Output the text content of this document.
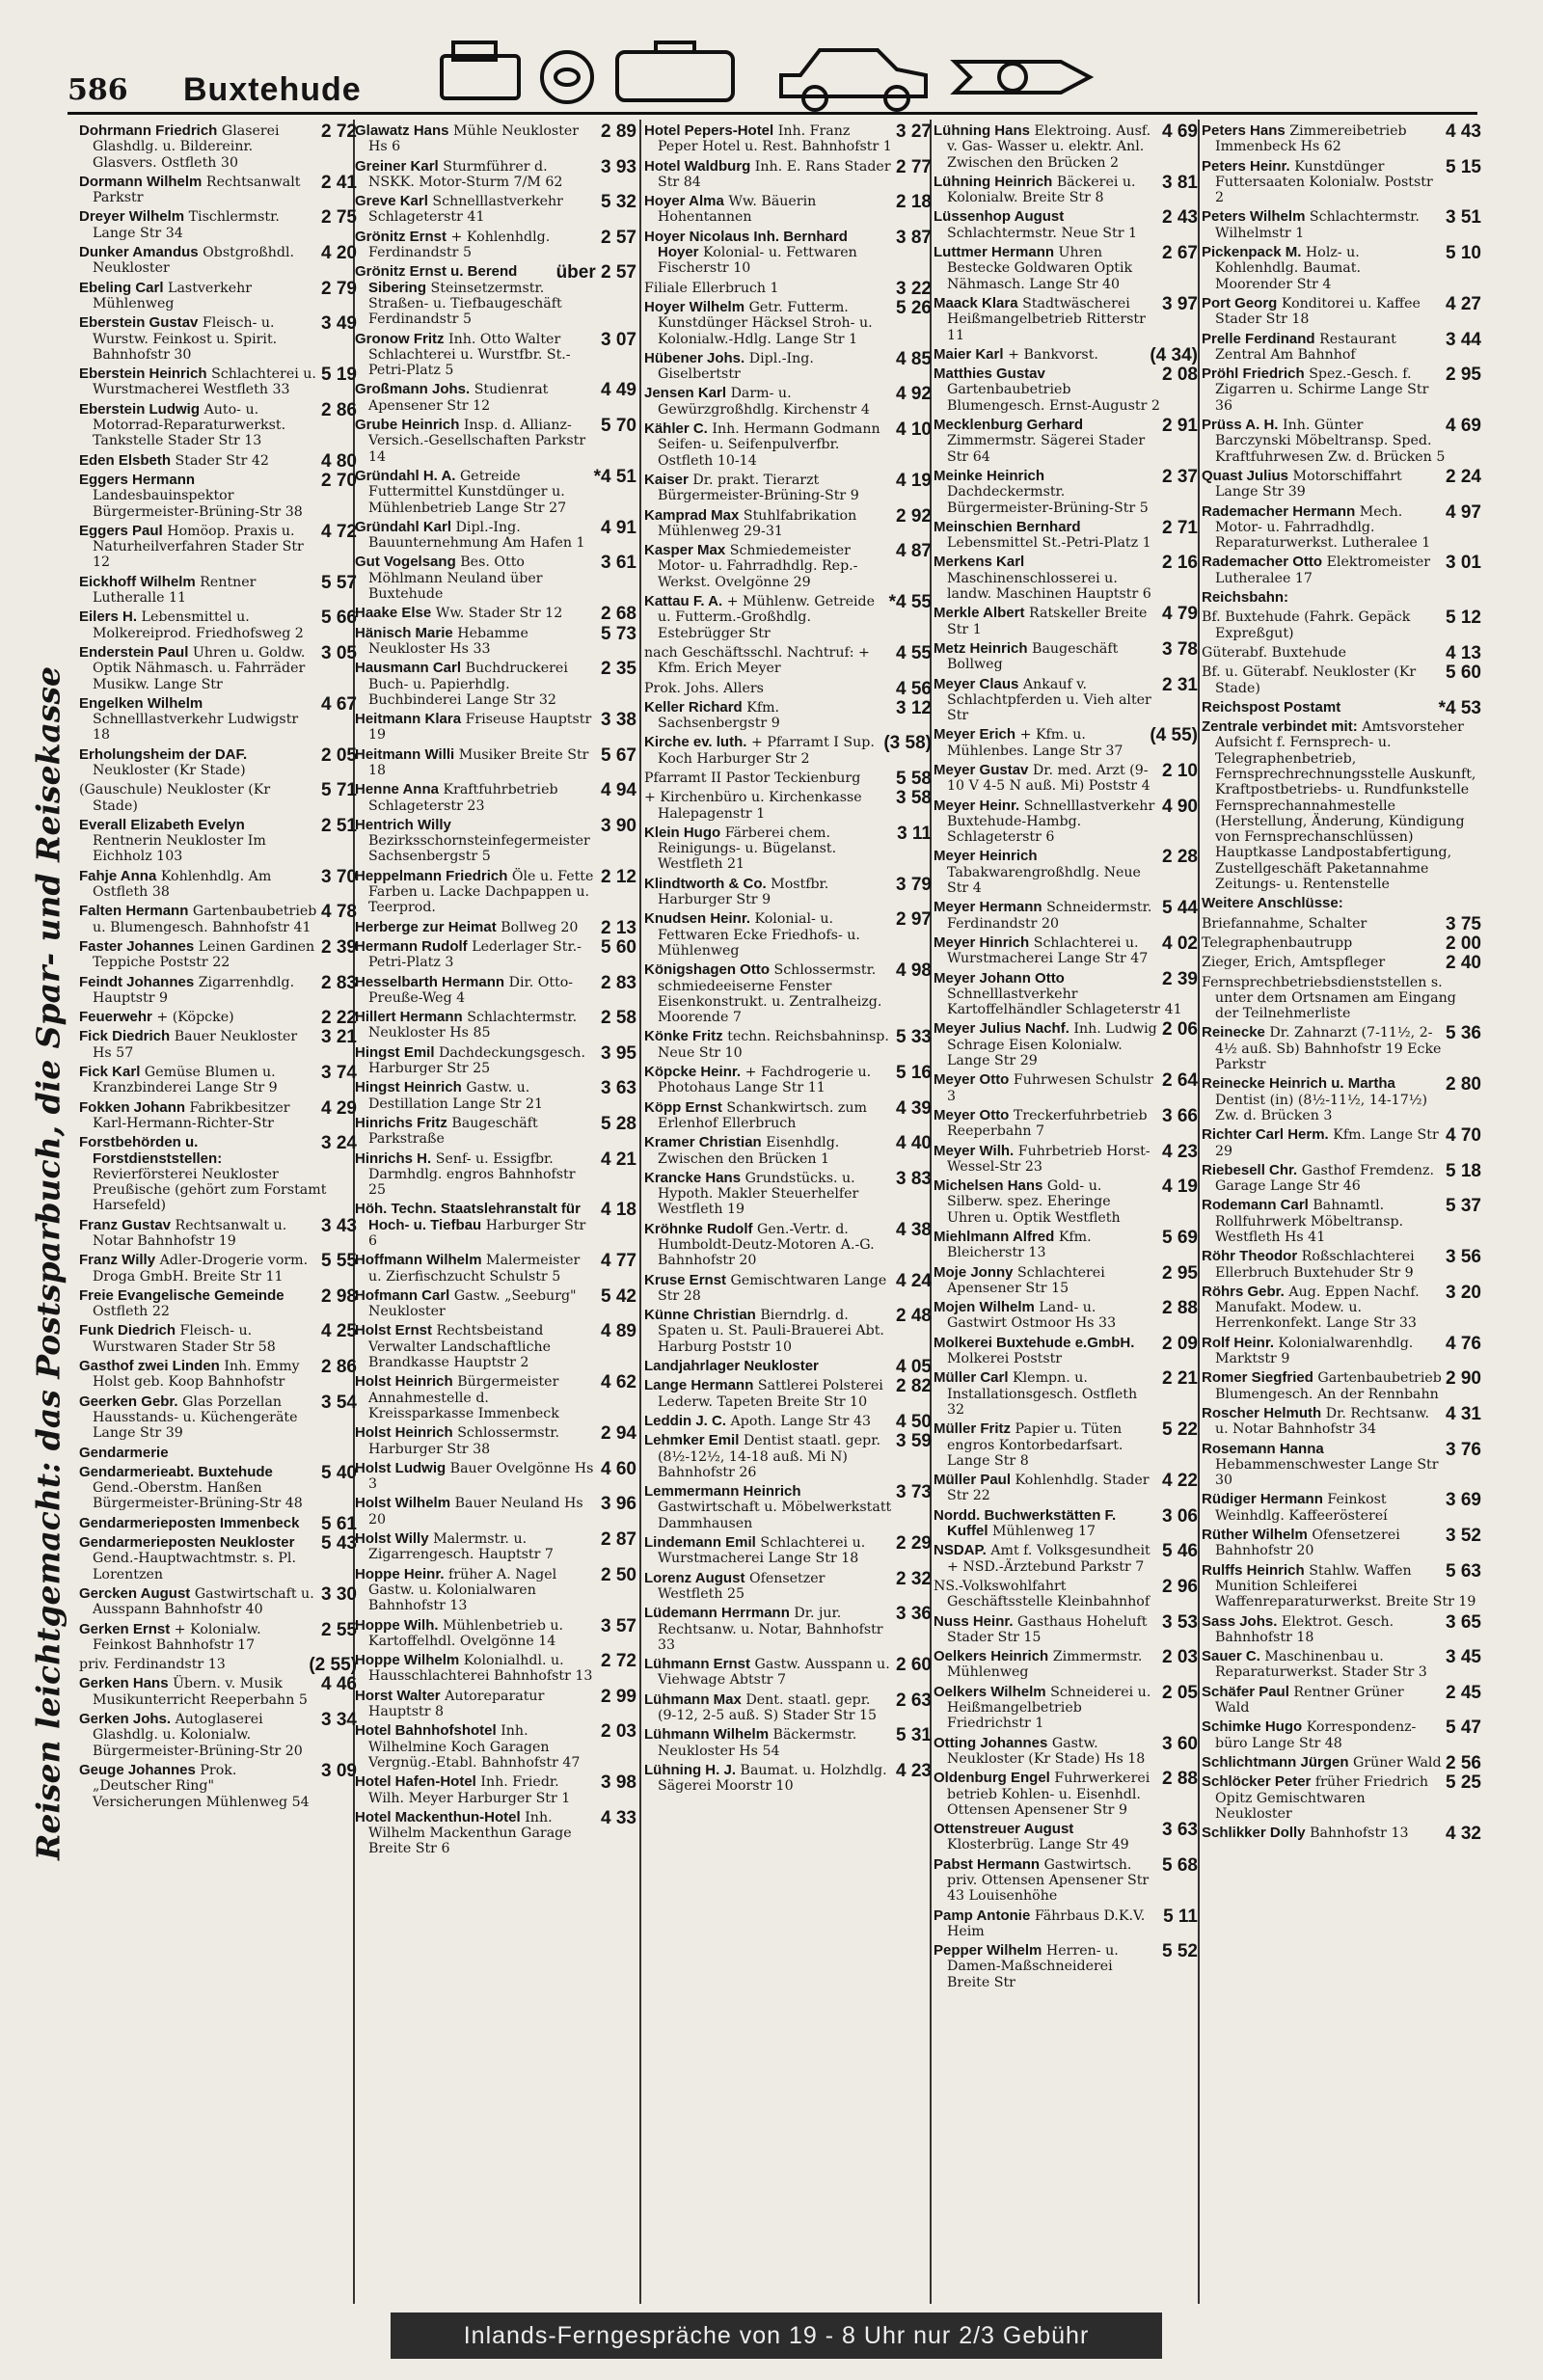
586 Buxtehude
Reisen leichtgemacht: das Postsparbuch, die Spar- und Reisekasse
2 72
Dohrmann Friedrich Glaserei Glashdlg. u. Bildereinr. Glasvers. Ostfleth 30
2 41
Dormann Wilhelm Rechtsanwalt Parkstr
2 75
Dreyer Wilhelm Tischlermstr. Lange Str 34
4 20
Dunker Amandus Obstgroßhdl. Neukloster
2 79
Ebeling Carl Lastverkehr Mühlenweg
3 49
Eberstein Gustav Fleisch- u. Wurstw. Feinkost u. Spirit. Bahnhofstr 30
5 19
Eberstein Heinrich Schlachterei u. Wurstmacherei Westfleth 33
2 86
Eberstein Ludwig Auto- u. Motorrad-Reparaturwerkst. Tankstelle Stader Str 13
4 80
Eden Elsbeth Stader Str 42
2 70
Eggers Hermann Landesbauinspektor Bürgermeister-Brüning-Str 38
4 72
Eggers Paul Homöop. Praxis u. Naturheilverfahren Stader Str 12
5 57
Eickhoff Wilhelm Rentner Lutheralle 11
5 66
Eilers H. Lebensmittel u. Molkereiprod. Friedhofsweg 2
3 05
Enderstein Paul Uhren u. Goldw. Optik Nähmasch. u. Fahrräder Musikw. Lange Str
4 67
Engelken Wilhelm Schnelllastverkehr Ludwigstr 18
2 05
Erholungsheim der DAF. Neukloster (Kr Stade)
5 71
(Gauschule) Neukloster (Kr Stade)
2 51
Everall Elizabeth Evelyn Rentnerin Neukloster Im Eichholz 103
3 70
Fahje Anna Kohlenhdlg. Am Ostfleth 38
4 78
Falten Hermann Gartenbaubetrieb u. Blumengesch. Bahnhofstr 41
2 39
Faster Johannes Leinen Gardinen Teppiche Poststr 22
2 83
Feindt Johannes Zigarrenhdlg. Hauptstr 9
2 22
Feuerwehr + (Köpcke)
3 21
Fick Diedrich Bauer Neukloster Hs 57
3 74
Fick Karl Gemüse Blumen u. Kranzbinderei Lange Str 9
4 29
Fokken Johann Fabrikbesitzer Karl-Hermann-Richter-Str
3 24
Forstbehörden u. Forstdienststellen: Revierförsterei Neukloster Preußische (gehört zum Forstamt Harsefeld)
3 43
Franz Gustav Rechtsanwalt u. Notar Bahnhofstr 19
5 55
Franz Willy Adler-Drogerie vorm. Droga GmbH. Breite Str 11
2 98
Freie Evangelische Gemeinde Ostfleth 22
4 25
Funk Diedrich Fleisch- u. Wurstwaren Stader Str 58
2 86
Gasthof zwei Linden Inh. Emmy Holst geb. Koop Bahnhofstr
3 54
Geerken Gebr. Glas Porzellan Hausstands- u. Küchengeräte Lange Str 39
Gendarmerie
5 40
Gendarmerieabt. Buxtehude Gend.-Oberstm. Hanßen Bürgermeister-Brüning-Str 48
5 61
Gendarmerieposten Immenbeck
5 43
Gendarmerieposten Neukloster Gend.-Hauptwachtmstr. s. Pl. Lorentzen
3 30
Gercken August Gastwirtschaft u. Ausspann Bahnhofstr 40
2 55
Gerken Ernst + Kolonialw. Feinkost Bahnhofstr 17
(2 55)
priv. Ferdinandstr 13
4 46
Gerken Hans Übern. v. Musik Musikunterricht Reeperbahn 5
3 34
Gerken Johs. Autoglaserei Glashdlg. u. Kolonialw. Bürgermeister-Brüning-Str 20
3 09
Geuge Johannes Prok. „Deutscher Ring" Versicherungen Mühlenweg 54
2 89
Glawatz Hans Mühle Neukloster Hs 6
3 93
Greiner Karl Sturmführer d. NSKK. Motor-Sturm 7/M 62
5 32
Greve Karl Schnelllastverkehr Schlageterstr 41
2 57
Grönitz Ernst + Kohlenhdlg. Ferdinandstr 5
über 2 57
Grönitz Ernst u. Berend Sibering Steinsetzermstr. Straßen- u. Tiefbaugeschäft Ferdinandstr 5
3 07
Gronow Fritz Inh. Otto Walter Schlachterei u. Wurstfbr. St.-Petri-Platz 5
4 49
Großmann Johs. Studienrat Apensener Str 12
5 70
Grube Heinrich Insp. d. Allianz-Versich.-Gesellschaften Parkstr 14
*4 51
Gründahl H. A. Getreide Futtermittel Kunstdünger u. Mühlenbetrieb Lange Str 27
4 91
Gründahl Karl Dipl.-Ing. Bauunternehmung Am Hafen 1
3 61
Gut Vogelsang Bes. Otto Möhlmann Neuland über Buxtehude
2 68
Haake Else Ww. Stader Str 12
5 73
Hänisch Marie Hebamme Neukloster Hs 33
2 35
Hausmann Carl Buchdruckerei Buch- u. Papierhdlg. Buchbinderei Lange Str 32
3 38
Heitmann Klara Friseuse Hauptstr 19
5 67
Heitmann Willi Musiker Breite Str 18
4 94
Henne Anna Kraftfuhrbetrieb Schlageterstr 23
3 90
Hentrich Willy Bezirksschornsteinfegermeister Sachsenbergstr 5
2 12
Heppelmann Friedrich Öle u. Fette Farben u. Lacke Dachpappen u. Teerprod.
2 13
Herberge zur Heimat Bollweg 20
5 60
Hermann Rudolf Lederlager Str.-Petri-Platz 3
2 83
Hesselbarth Hermann Dir. Otto-Preuße-Weg 4
2 58
Hillert Hermann Schlachtermstr. Neukloster Hs 85
3 95
Hingst Emil Dachdeckungsgesch. Harburger Str 25
3 63
Hingst Heinrich Gastw. u. Destillation Lange Str 21
5 28
Hinrichs Fritz Baugeschäft Parkstraße
4 21
Hinrichs H. Senf- u. Essigfbr. Darmhdlg. engros Bahnhofstr 25
4 18
Höh. Techn. Staatslehranstalt für Hoch- u. Tiefbau Harburger Str 6
4 77
Hoffmann Wilhelm Malermeister u. Zierfischzucht Schulstr 5
5 42
Hofmann Carl Gastw. „Seeburg" Neukloster
4 89
Holst Ernst Rechtsbeistand Verwalter Landschaftliche Brandkasse Hauptstr 2
4 62
Holst Heinrich Bürgermeister Annahmestelle d. Kreissparkasse Immenbeck
2 94
Holst Heinrich Schlossermstr. Harburger Str 38
4 60
Holst Ludwig Bauer Ovelgönne Hs 3
3 96
Holst Wilhelm Bauer Neuland Hs 20
2 87
Holst Willy Malermstr. u. Zigarrengesch. Hauptstr 7
2 50
Hoppe Heinr. früher A. Nagel Gastw. u. Kolonialwaren Bahnhofstr 13
3 57
Hoppe Wilh. Mühlenbetrieb u. Kartoffelhdl. Ovelgönne 14
2 72
Hoppe Wilhelm Kolonialhdl. u. Hausschlachterei Bahnhofstr 13
2 99
Horst Walter Autoreparatur Hauptstr 8
2 03
Hotel Bahnhofshotel Inh. Wilhelmine Koch Garagen Vergnüg.-Etabl. Bahnhofstr 47
3 98
Hotel Hafen-Hotel Inh. Friedr. Wilh. Meyer Harburger Str 1
4 33
Hotel Mackenthun-Hotel Inh. Wilhelm Mackenthun Garage Breite Str 6
3 27
Hotel Pepers-Hotel Inh. Franz Peper Hotel u. Rest. Bahnhofstr 1
2 77
Hotel Waldburg Inh. E. Rans Stader Str 84
2 18
Hoyer Alma Ww. Bäuerin Hohentannen
3 87
Hoyer Nicolaus Inh. Bernhard Hoyer Kolonial- u. Fettwaren Fischerstr 10
3 22
Filiale Ellerbruch 1
5 26
Hoyer Wilhelm Getr. Futterm. Kunstdünger Häcksel Stroh- u. Kolonialw.-Hdlg. Lange Str 1
4 85
Hübener Johs. Dipl.-Ing. Giselbertstr
4 92
Jensen Karl Darm- u. Gewürzgroßhdlg. Kirchenstr 4
4 10
Kähler C. Inh. Hermann Godmann Seifen- u. Seifenpulverfbr. Ostfleth 10-14
4 19
Kaiser Dr. prakt. Tierarzt Bürgermeister-Brüning-Str 9
2 92
Kamprad Max Stuhlfabrikation Mühlenweg 29-31
4 87
Kasper Max Schmiedemeister Motor- u. Fahrradhdlg. Rep.-Werkst. Ovelgönne 29
*4 55
Kattau F. A. + Mühlenw. Getreide u. Futterm.-Großhdlg. Estebrügger Str
4 55
nach Geschäftsschl. Nachtruf: + Kfm. Erich Meyer
4 56
Prok. Johs. Allers
3 12
Keller Richard Kfm. Sachsenbergstr 9
(3 58)
Kirche ev. luth. + Pfarramt I Sup. Koch Harburger Str 2
5 58
Pfarramt II Pastor Teckienburg
3 58
+ Kirchenbüro u. Kirchenkasse Halepagenstr 1
3 11
Klein Hugo Färberei chem. Reinigungs- u. Bügelanst. Westfleth 21
3 79
Klindtworth & Co. Mostfbr. Harburger Str 9
2 97
Knudsen Heinr. Kolonial- u. Fettwaren Ecke Friedhofs- u. Mühlenweg
4 98
Königshagen Otto Schlossermstr. schmiedeeiserne Fenster Eisenkonstrukt. u. Zentralheizg. Moorende 7
5 33
Könke Fritz techn. Reichsbahninsp. Neue Str 10
5 16
Köpcke Heinr. + Fachdrogerie u. Photohaus Lange Str 11
4 39
Köpp Ernst Schankwirtsch. zum Erlenhof Ellerbruch
4 40
Kramer Christian Eisenhdlg. Zwischen den Brücken 1
3 83
Krancke Hans Grundstücks. u. Hypoth. Makler Steuerhelfer Westfleth 19
4 38
Kröhnke Rudolf Gen.-Vertr. d. Humboldt-Deutz-Motoren A.-G. Bahnhofstr 20
4 24
Kruse Ernst Gemischtwaren Lange Str 28
2 48
Künne Christian Bierndrlg. d. Spaten u. St. Pauli-Brauerei Abt. Harburg Poststr 10
4 05
Landjahrlager Neukloster
2 82
Lange Hermann Sattlerei Polsterei Lederw. Tapeten Breite Str 10
4 50
Leddin J. C. Apoth. Lange Str 43
3 59
Lehmker Emil Dentist staatl. gepr. (8½-12½, 14-18 auß. Mi N) Bahnhofstr 26
3 73
Lemmermann Heinrich Gastwirtschaft u. Möbelwerkstatt Dammhausen
2 29
Lindemann Emil Schlachterei u. Wurstmacherei Lange Str 18
2 32
Lorenz August Ofensetzer Westfleth 25
3 36
Lüdemann Herrmann Dr. jur. Rechtsanw. u. Notar, Bahnhofstr 33
2 60
Lühmann Ernst Gastw. Ausspann u. Viehwage Abtstr 7
2 63
Lühmann Max Dent. staatl. gepr. (9-12, 2-5 auß. S) Stader Str 15
5 31
Lühmann Wilhelm Bäckermstr. Neukloster Hs 54
4 23
Lühning H. J. Baumat. u. Holzhdlg. Sägerei Moorstr 10
4 69
Lühning Hans Elektroing. Ausf. v. Gas- Wasser u. elektr. Anl. Zwischen den Brücken 2
3 81
Lühning Heinrich Bäckerei u. Kolonialw. Breite Str 8
2 43
Lüssenhop August Schlachtermstr. Neue Str 1
2 67
Luttmer Hermann Uhren Bestecke Goldwaren Optik Nähmasch. Lange Str 40
3 97
Maack Klara Stadtwäscherei Heißmangelbetrieb Ritterstr 11
(4 34)
Maier Karl + Bankvorst.
2 08
Matthies Gustav Gartenbaubetrieb Blumengesch. Ernst-Augustr 2
2 91
Mecklenburg Gerhard Zimmermstr. Sägerei Stader Str 64
2 37
Meinke Heinrich Dachdeckermstr. Bürgermeister-Brüning-Str 5
2 71
Meinschien Bernhard Lebensmittel St.-Petri-Platz 1
2 16
Merkens Karl Maschinenschlosserei u. landw. Maschinen Hauptstr 6
4 79
Merkle Albert Ratskeller Breite Str 1
3 78
Metz Heinrich Baugeschäft Bollweg
2 31
Meyer Claus Ankauf v. Schlachtpferden u. Vieh alter Str
(4 55)
Meyer Erich + Kfm. u. Mühlenbes. Lange Str 37
2 10
Meyer Gustav Dr. med. Arzt (9-10 V 4-5 N auß. Mi) Poststr 4
4 90
Meyer Heinr. Schnelllastverkehr Buxtehude-Hambg. Schlageterstr 6
2 28
Meyer Heinrich Tabakwarengroßhdlg. Neue Str 4
5 44
Meyer Hermann Schneidermstr. Ferdinandstr 20
4 02
Meyer Hinrich Schlachterei u. Wurstmacherei Lange Str 47
2 39
Meyer Johann Otto Schnelllastverkehr Kartoffelhändler Schlageterstr 41
2 06
Meyer Julius Nachf. Inh. Ludwig Schrage Eisen Kolonialw. Lange Str 29
2 64
Meyer Otto Fuhrwesen Schulstr 3
3 66
Meyer Otto Treckerfuhrbetrieb Reeperbahn 7
4 23
Meyer Wilh. Fuhrbetrieb Horst-Wessel-Str 23
4 19
Michelsen Hans Gold- u. Silberw. spez. Eheringe Uhren u. Optik Westfleth
5 69
Miehlmann Alfred Kfm. Bleicherstr 13
2 95
Moje Jonny Schlachterei Apensener Str 15
2 88
Mojen Wilhelm Land- u. Gastwirt Ostmoor Hs 33
2 09
Molkerei Buxtehude e.GmbH. Molkerei Poststr
2 21
Müller Carl Klempn. u. Installationsgesch. Ostfleth 32
5 22
Müller Fritz Papier u. Tüten engros Kontorbedarfsart. Lange Str 8
4 22
Müller Paul Kohlenhdlg. Stader Str 22
3 06
Nordd. Buchwerkstätten F. Kuffel Mühlenweg 17
5 46
NSDAP. Amt f. Volksgesundheit + NSD.-Ärztebund Parkstr 7
2 96
NS.-Volkswohlfahrt Geschäftsstelle Kleinbahnhof
3 53
Nuss Heinr. Gasthaus Hoheluft Stader Str 15
2 03
Oelkers Heinrich Zimmermstr. Mühlenweg
2 05
Oelkers Wilhelm Schneiderei u. Heißmangelbetrieb Friedrichstr 1
3 60
Otting Johannes Gastw. Neukloster (Kr Stade) Hs 18
2 88
Oldenburg Engel Fuhrwerkerei betrieb Kohlen- u. Eisenhdl. Ottensen Apensener Str 9
3 63
Ottenstreuer August Klosterbrüg. Lange Str 49
5 68
Pabst Hermann Gastwirtsch. priv. Ottensen Apensener Str 43 Louisenhöhe
5 11
Pamp Antonie Fährbaus D.K.V. Heim
5 52
Pepper Wilhelm Herren- u. Damen-Maßschneiderei Breite Str
4 43
Peters Hans Zimmereibetrieb Immenbeck Hs 62
5 15
Peters Heinr. Kunstdünger Futtersaaten Kolonialw. Poststr 2
3 51
Peters Wilhelm Schlachtermstr. Wilhelmstr 1
5 10
Pickenpack M. Holz- u. Kohlenhdlg. Baumat. Moorender Str 4
4 27
Port Georg Konditorei u. Kaffee Stader Str 18
3 44
Prelle Ferdinand Restaurant Zentral Am Bahnhof
2 95
Pröhl Friedrich Spez.-Gesch. f. Zigarren u. Schirme Lange Str 36
4 69
Prüss A. H. Inh. Günter Barczynski Möbeltransp. Sped. Kraftfuhrwesen Zw. d. Brücken 5
2 24
Quast Julius Motorschiffahrt Lange Str 39
4 97
Rademacher Hermann Mech. Motor- u. Fahrradhdlg. Reparaturwerkst. Lutheralee 1
3 01
Rademacher Otto Elektromeister Lutheralee 17
Reichsbahn:
5 12
Bf. Buxtehude (Fahrk. Gepäck Expreßgut)
4 13
Güterabf. Buxtehude
5 60
Bf. u. Güterabf. Neukloster (Kr Stade)
*4 53
Reichspost Postamt
Zentrale verbindet mit: Amtsvorsteher Aufsicht f. Fernsprech- u. Telegraphenbetrieb, Fernsprechrechnungsstelle Auskunft, Kraftpostbetriebs- u. Rundfunkstelle Fernsprechannahmestelle (Herstellung, Änderung, Kündigung von Fernsprechanschlüssen) Hauptkasse Landpostabfertigung, Zustellgeschäft Paketannahme Zeitungs- u. Rentenstelle
Weitere Anschlüsse:
3 75
Briefannahme, Schalter
2 00
Telegraphenbautrupp
2 40
Zieger, Erich, Amtspfleger
Fernsprechbetriebsdienststellen s. unter dem Ortsnamen am Eingang der Teilnehmerliste
5 36
Reinecke Dr. Zahnarzt (7-11½, 2-4½ auß. Sb) Bahnhofstr 19 Ecke Parkstr
2 80
Reinecke Heinrich u. Martha Dentist (in) (8½-11½, 14-17½) Zw. d. Brücken 3
4 70
Richter Carl Herm. Kfm. Lange Str 29
5 18
Riebesell Chr. Gasthof Fremdenz. Garage Lange Str 46
5 37
Rodemann Carl Bahnamtl. Rollfuhrwerk Möbeltransp. Westfleth Hs 41
3 56
Röhr Theodor Roßschlachterei Ellerbruch Buxtehuder Str 9
3 20
Röhrs Gebr. Aug. Eppen Nachf. Manufakt. Modew. u. Herrenkonfekt. Lange Str 33
4 76
Rolf Heinr. Kolonialwarenhdlg. Marktstr 9
2 90
Romer Siegfried Gartenbaubetrieb Blumengesch. An der Rennbahn
4 31
Roscher Helmuth Dr. Rechtsanw. u. Notar Bahnhofstr 34
3 76
Rosemann Hanna Hebammenschwester Lange Str 30
3 69
Rüdiger Hermann Feinkost Weinhdlg. Kaffeeröstereí
3 52
Rüther Wilhelm Ofensetzerei Bahnhofstr 20
5 63
Rulffs Heinrich Stahlw. Waffen Munition Schleiferei Waffenreparaturwerkst. Breite Str 19
3 65
Sass Johs. Elektrot. Gesch. Bahnhofstr 18
3 45
Sauer C. Maschinenbau u. Reparaturwerkst. Stader Str 3
2 45
Schäfer Paul Rentner Grüner Wald
5 47
Schimke Hugo Korrespondenz-büro Lange Str 48
2 56
Schlichtmann Jürgen Grüner Wald
5 25
Schlöcker Peter früher Friedrich Opitz Gemischtwaren Neukloster
4 32
Schlikker Dolly Bahnhofstr 13
Inlands-Ferngespräche von 19 - 8 Uhr nur 2/3 Gebühr
